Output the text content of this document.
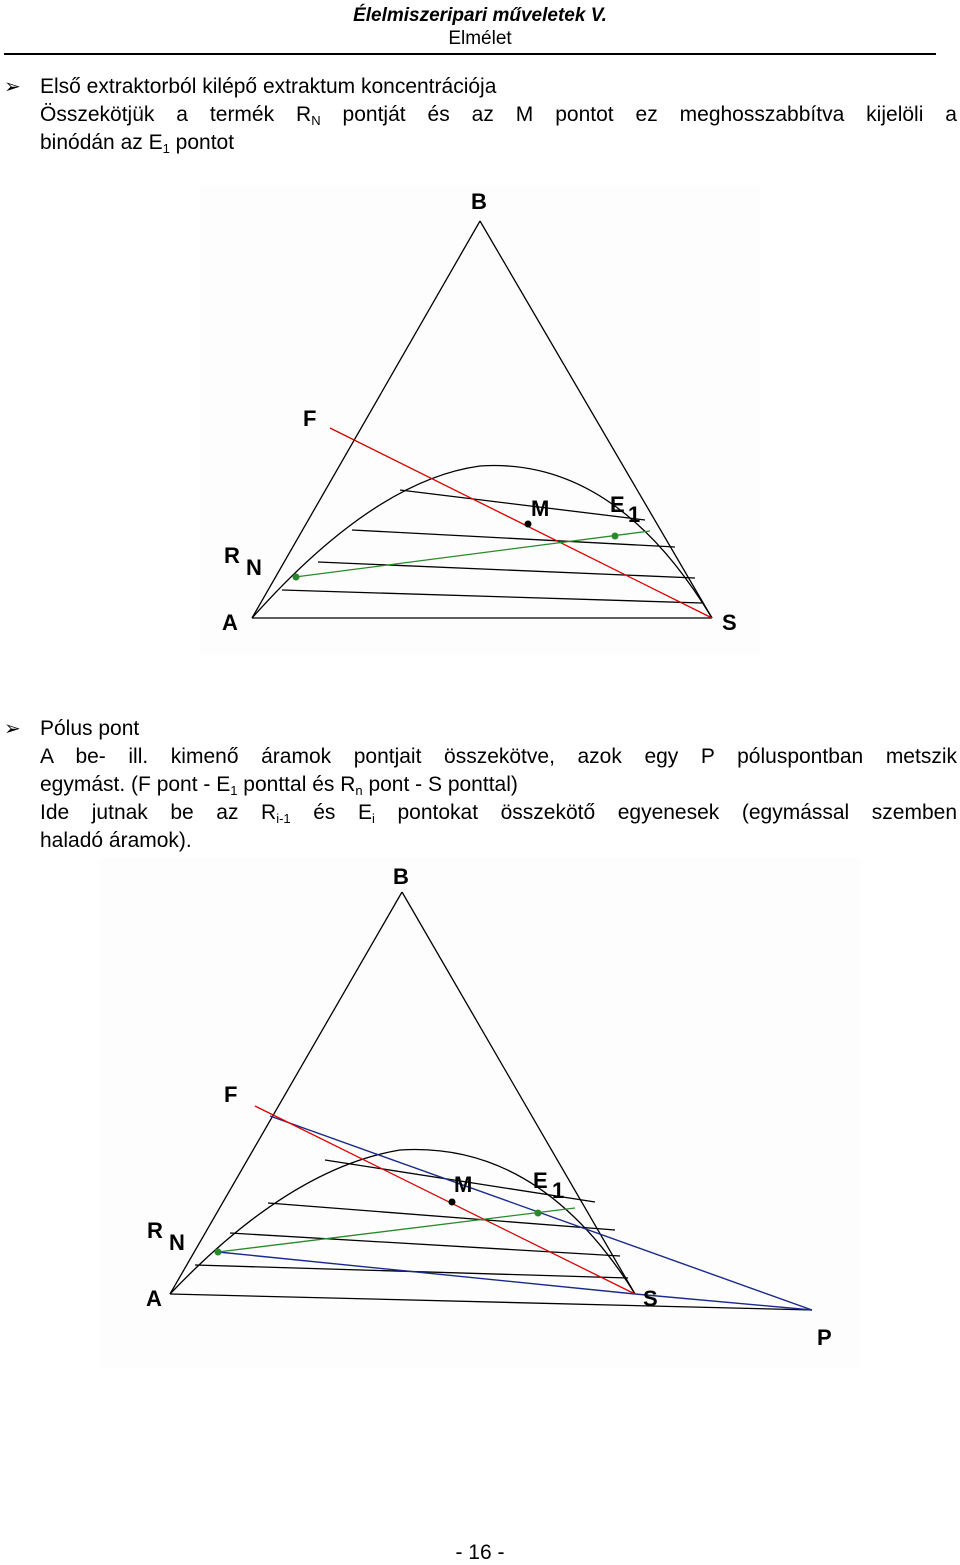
Élelmiszeripari műveletek V.
Elmélet
➢ Első extraktorból kilépő extraktum koncentrációja
Összekötjük a termék $R_N$ pontját és az M pontot ez meghosszabbítva kijelöli a
binódán az $E_1$ pontot
B
F
M	E 1
R N
A	S
➢ Pólus pont
A be- ill. kimenő áramok pontjait összekötve, azok egy P póluspontban metszik
egymást. (F pont - $E_1$ ponttal és $R_n$ pont - S ponttal)
Ide jutnak be az $R_{i-1}$ és $E_i$ pontokat összekötő egyenesek (egymással szemben
haladó áramok).
B
F
M	E 1
R N
A	S
P
- 16 -
